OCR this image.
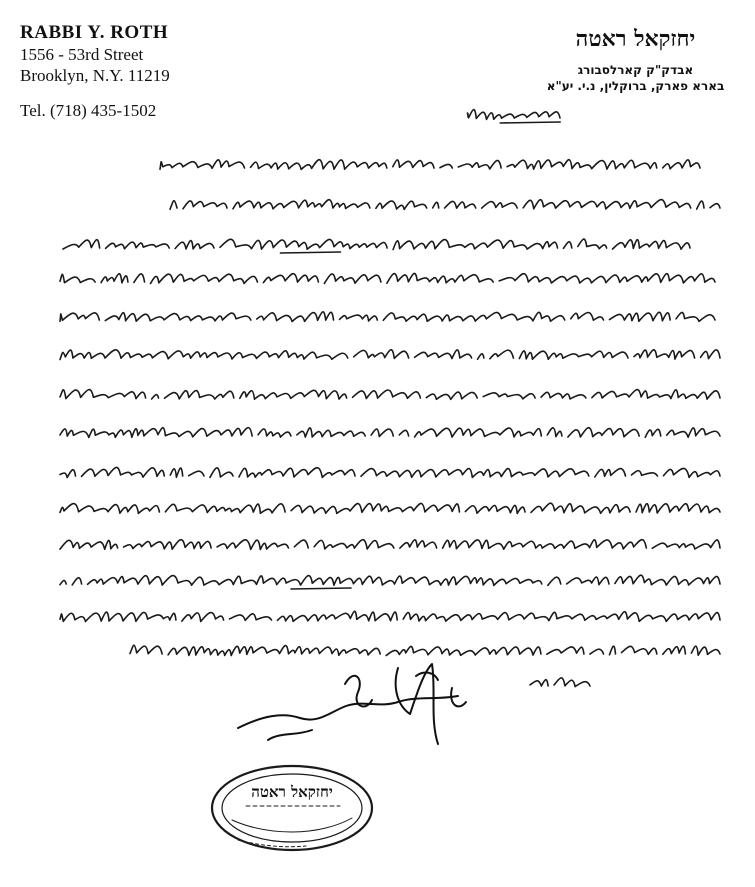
RABBI Y. ROTH
1556 - 53rd Street
Brooklyn, N.Y. 11219
Tel. (718) 435-1502
יחזקאל ראטה
אבדק"ק קארלסבורג
בארא פארק, ברוקלין, נ.י. יע"א
יחזקאל ראטה
